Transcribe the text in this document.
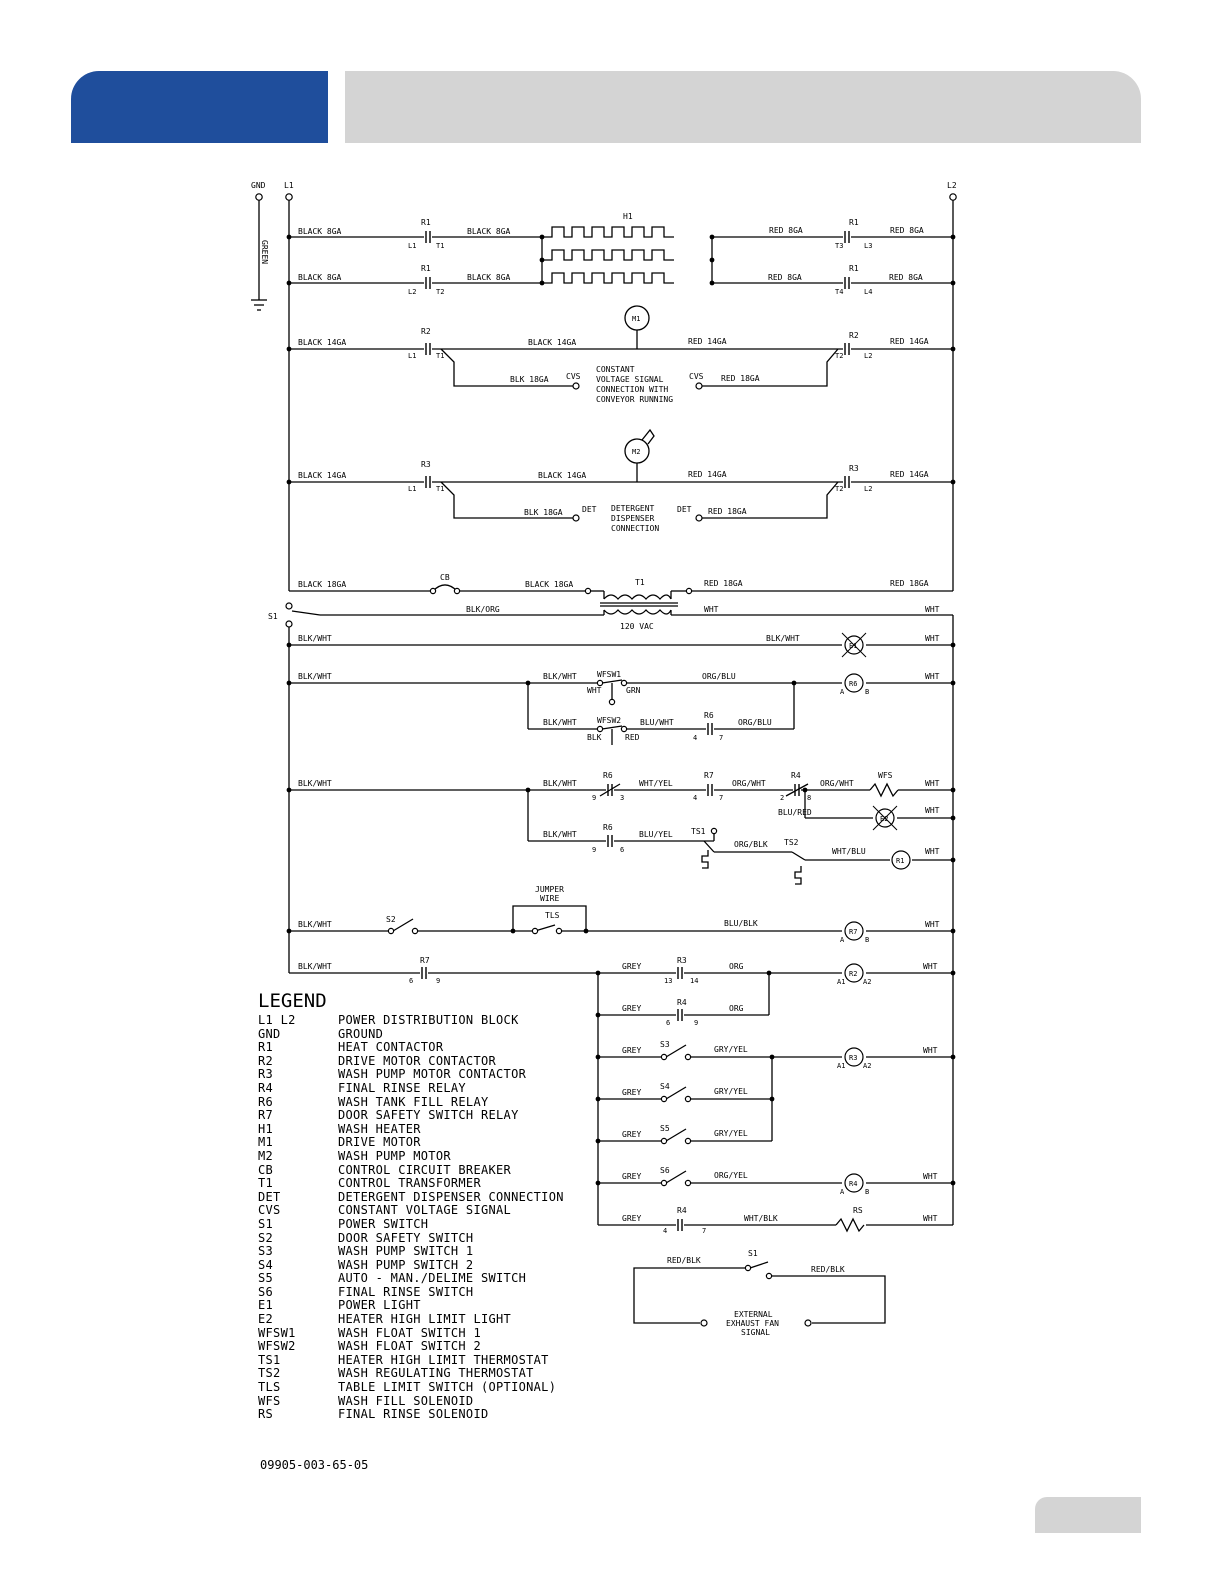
GND L1	L2
GREEN
BLACK 8GA	BLACK 8GA	RED 8GA	RED 8GA
BLACK 8GA	BLACK 8GA	RED 8GA	RED 8GA
H1
R1	R1
R1	R1
L1	T1	T3	L3
L2	T2	T4	L4
BLACK 14GA	BLACK 14GA	RED 14GA	RED 14GA
M1
R2	R2
L1	T1	T2	L2
BLK 18GA CVS	CVS RED 18GA
CONSTANT
VOLTAGE SIGNAL
CONNECTION WITH
CONVEYOR RUNNING
BLACK 14GA	BLACK 14GA	RED 14GA	RED 14GA
M2
R3	R3
L1	T1	T2	L2
BLK 18GA DET	DET RED 18GA
DETERGENT
DISPENSER
CONNECTION
BLACK 18GA	BLACK 18GA	RED 18GA	RED 18GA
CB
T1
S1
BLK/ORG	WHT	WHT
120 VAC
BLK/WHT	BLK/WHT	WHT
E1
BLK/WHT	BLK/WHT	WFSW1
WHT	GRN
ORG/BLU	WHT
R6
A	B
BLK/WHT	WFSW2
BLK	RED
BLU/WHT
R6
4	7
ORG/BLU
BLK/WHT	BLK/WHT
R6
9	3
WHT/YEL
R7
4	7
ORG/WHT
R4
2	8
ORG/WHT
WFS
WHT
BLU/RED	WHT
E2
BLK/WHT
R6
9	6
BLU/YEL TS1
ORG/BLK TS2
WHT/BLU	WHT
R1
JUMPER
WIRE
TLS
BLK/WHT
S2	BLU/BLK	WHT
R7
A	B
BLK/WHT
R7
6	9
GREY
R3
13	14
ORG	WHT
R2
A1	A2
GREY
R4
6	9
ORG
GREY
S3
GRY/YEL	WHT
R3
A1	A2
GREY
S4
GRY/YEL
GREY
S5
GRY/YEL
GREY
S6
ORG/YEL	WHT
R4
A	B
GREY
R4
4	7
WHT/BLK
RS
WHT
S1
RED/BLK
RED/BLK
EXTERNAL
EXHAUST FAN
SIGNAL
LEGEND
L1 L2	POWER DISTRIBUTION BLOCK
GND	GROUND
R1	HEAT CONTACTOR
R2	DRIVE MOTOR CONTACTOR
R3	WASH PUMP MOTOR CONTACTOR
R4	FINAL RINSE RELAY
R6	WASH TANK FILL RELAY
R7	DOOR SAFETY SWITCH RELAY
H1	WASH HEATER
M1	DRIVE MOTOR
M2	WASH PUMP MOTOR
CB	CONTROL CIRCUIT BREAKER
T1	CONTROL TRANSFORMER
DET	DETERGENT DISPENSER CONNECTION
CVS	CONSTANT VOLTAGE SIGNAL
S1	POWER SWITCH
S2	DOOR SAFETY SWITCH
S3	WASH PUMP SWITCH 1
S4	WASH PUMP SWITCH 2
S5	AUTO - MAN./DELIME SWITCH
S6	FINAL RINSE SWITCH
E1	POWER LIGHT
E2	HEATER HIGH LIMIT LIGHT
WFSW1	WASH FLOAT SWITCH 1
WFSW2	WASH FLOAT SWITCH 2
TS1	HEATER HIGH LIMIT THERMOSTAT
TS2	WASH REGULATING THERMOSTAT
TLS	TABLE LIMIT SWITCH (OPTIONAL)
WFS	WASH FILL SOLENOID
RS	FINAL RINSE SOLENOID
09905-003-65-05
